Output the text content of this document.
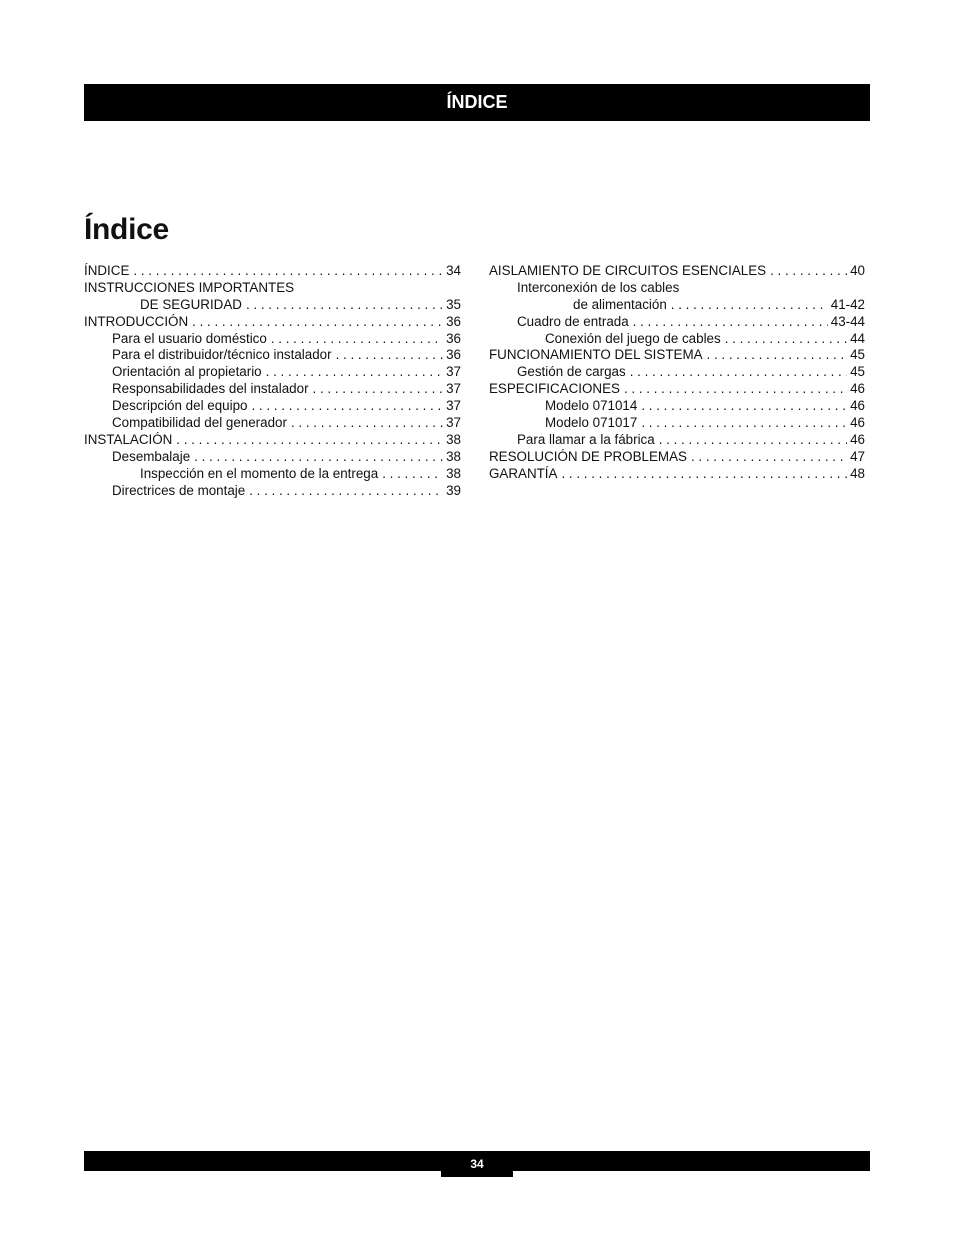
ÍNDICE
Índice
ÍNDICE . . .	34
INSTRUCCIONES IMPORTANTES
DE SEGURIDAD . . .	35
INTRODUCCIÓN . . .	36
Para el usuario doméstico . . .	36
Para el distribuidor/técnico instalador . . .	36
Orientación al propietario . . .	37
Responsabilidades del instalador . . .	37
Descripción del equipo . . .	37
Compatibilidad del generador . . .	37
INSTALACIÓN . . .	38
Desembalaje . . .	38
Inspección en el momento de la entrega . . .	38
Directrices de montaje . . .	39
AISLAMIENTO DE CIRCUITOS ESENCIALES . . .	40
Interconexión de los cables
de alimentación . . .	41-42
Cuadro de entrada . . .	43-44
Conexión del juego de cables . . .	44
FUNCIONAMIENTO DEL SISTEMA . . .	45
Gestión de cargas . . .	45
ESPECIFICACIONES . . .	46
Modelo 071014 . . .	46
Modelo 071017 . . .	46
Para llamar a la fábrica . . .	46
RESOLUCIÓN DE PROBLEMAS . . .	47
GARANTÍA . . .	48
34
